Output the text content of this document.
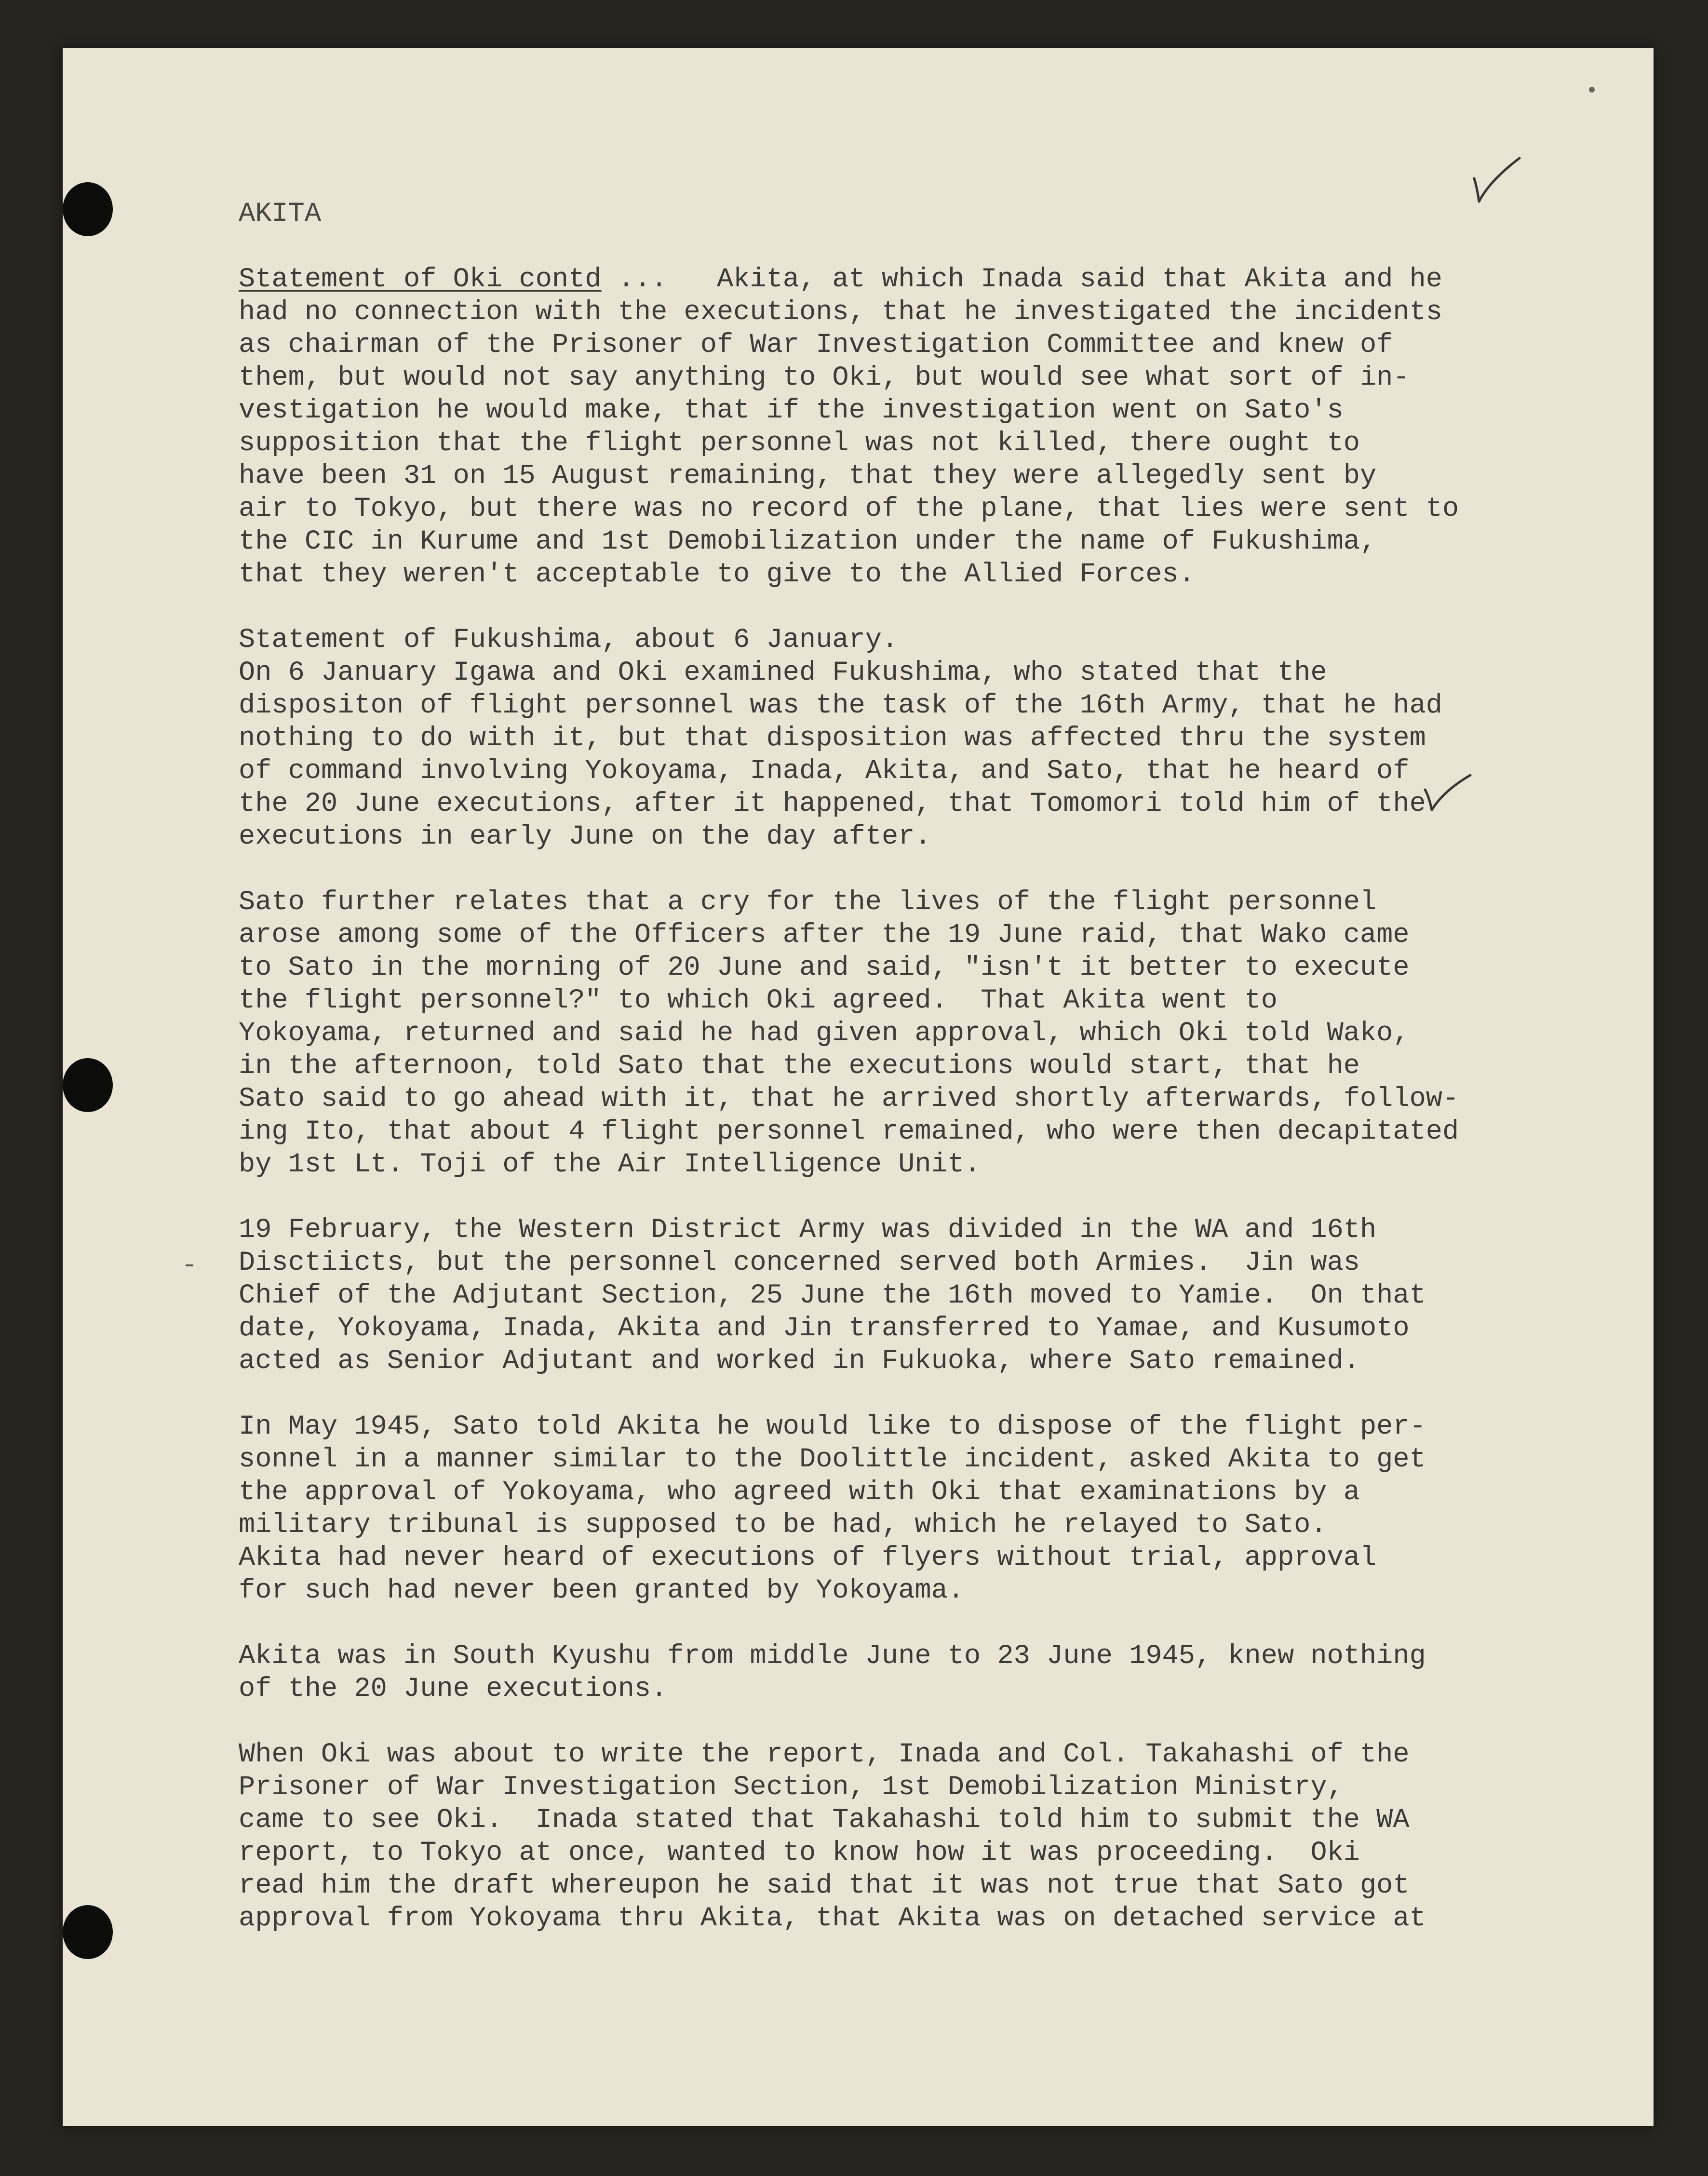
AKITA
Statement of Oki contd ...   Akita, at which Inada said that Akita and he
had no connection with the executions, that he investigated the incidents
as chairman of the Prisoner of War Investigation Committee and knew of
them, but would not say anything to Oki, but would see what sort of in-
vestigation he would make, that if the investigation went on Sato's
supposition that the flight personnel was not killed, there ought to
have been 31 on 15 August remaining, that they were allegedly sent by
air to Tokyo, but there was no record of the plane, that lies were sent to
the CIC in Kurume and 1st Demobilization under the name of Fukushima,
that they weren't acceptable to give to the Allied Forces.
Statement of Fukushima, about 6 January.
On 6 January Igawa and Oki examined Fukushima, who stated that the
dispositon of flight personnel was the task of the 16th Army, that he had
nothing to do with it, but that disposition was affected thru the system
of command involving Yokoyama, Inada, Akita, and Sato, that he heard of
the 20 June executions, after it happened, that Tomomori told him of the
executions in early June on the day after.
Sato further relates that a cry for the lives of the flight personnel
arose among some of the Officers after the 19 June raid, that Wako came
to Sato in the morning of 20 June and said, "isn't it better to execute
the flight personnel?" to which Oki agreed.  That Akita went to
Yokoyama, returned and said he had given approval, which Oki told Wako,
in the afternoon, told Sato that the executions would start, that he
Sato said to go ahead with it, that he arrived shortly afterwards, follow-
ing Ito, that about 4 flight personnel remained, who were then decapitated
by 1st Lt. Toji of the Air Intelligence Unit.
19 February, the Western District Army was divided in the WA and 16th
Disctiicts, but the personnel concerned served both Armies.  Jin was
Chief of the Adjutant Section, 25 June the 16th moved to Yamie.  On that
date, Yokoyama, Inada, Akita and Jin transferred to Yamae, and Kusumoto
acted as Senior Adjutant and worked in Fukuoka, where Sato remained.
In May 1945, Sato told Akita he would like to dispose of the flight per-
sonnel in a manner similar to the Doolittle incident, asked Akita to get
the approval of Yokoyama, who agreed with Oki that examinations by a
military tribunal is supposed to be had, which he relayed to Sato.
Akita had never heard of executions of flyers without trial, approval
for such had never been granted by Yokoyama.
Akita was in South Kyushu from middle June to 23 June 1945, knew nothing
of the 20 June executions.
When Oki was about to write the report, Inada and Col. Takahashi of the
Prisoner of War Investigation Section, 1st Demobilization Ministry,
came to see Oki.  Inada stated that Takahashi told him to submit the WA
report, to Tokyo at once, wanted to know how it was proceeding.  Oki
read him the draft whereupon he said that it was not true that Sato got
approval from Yokoyama thru Akita, that Akita was on detached service at
